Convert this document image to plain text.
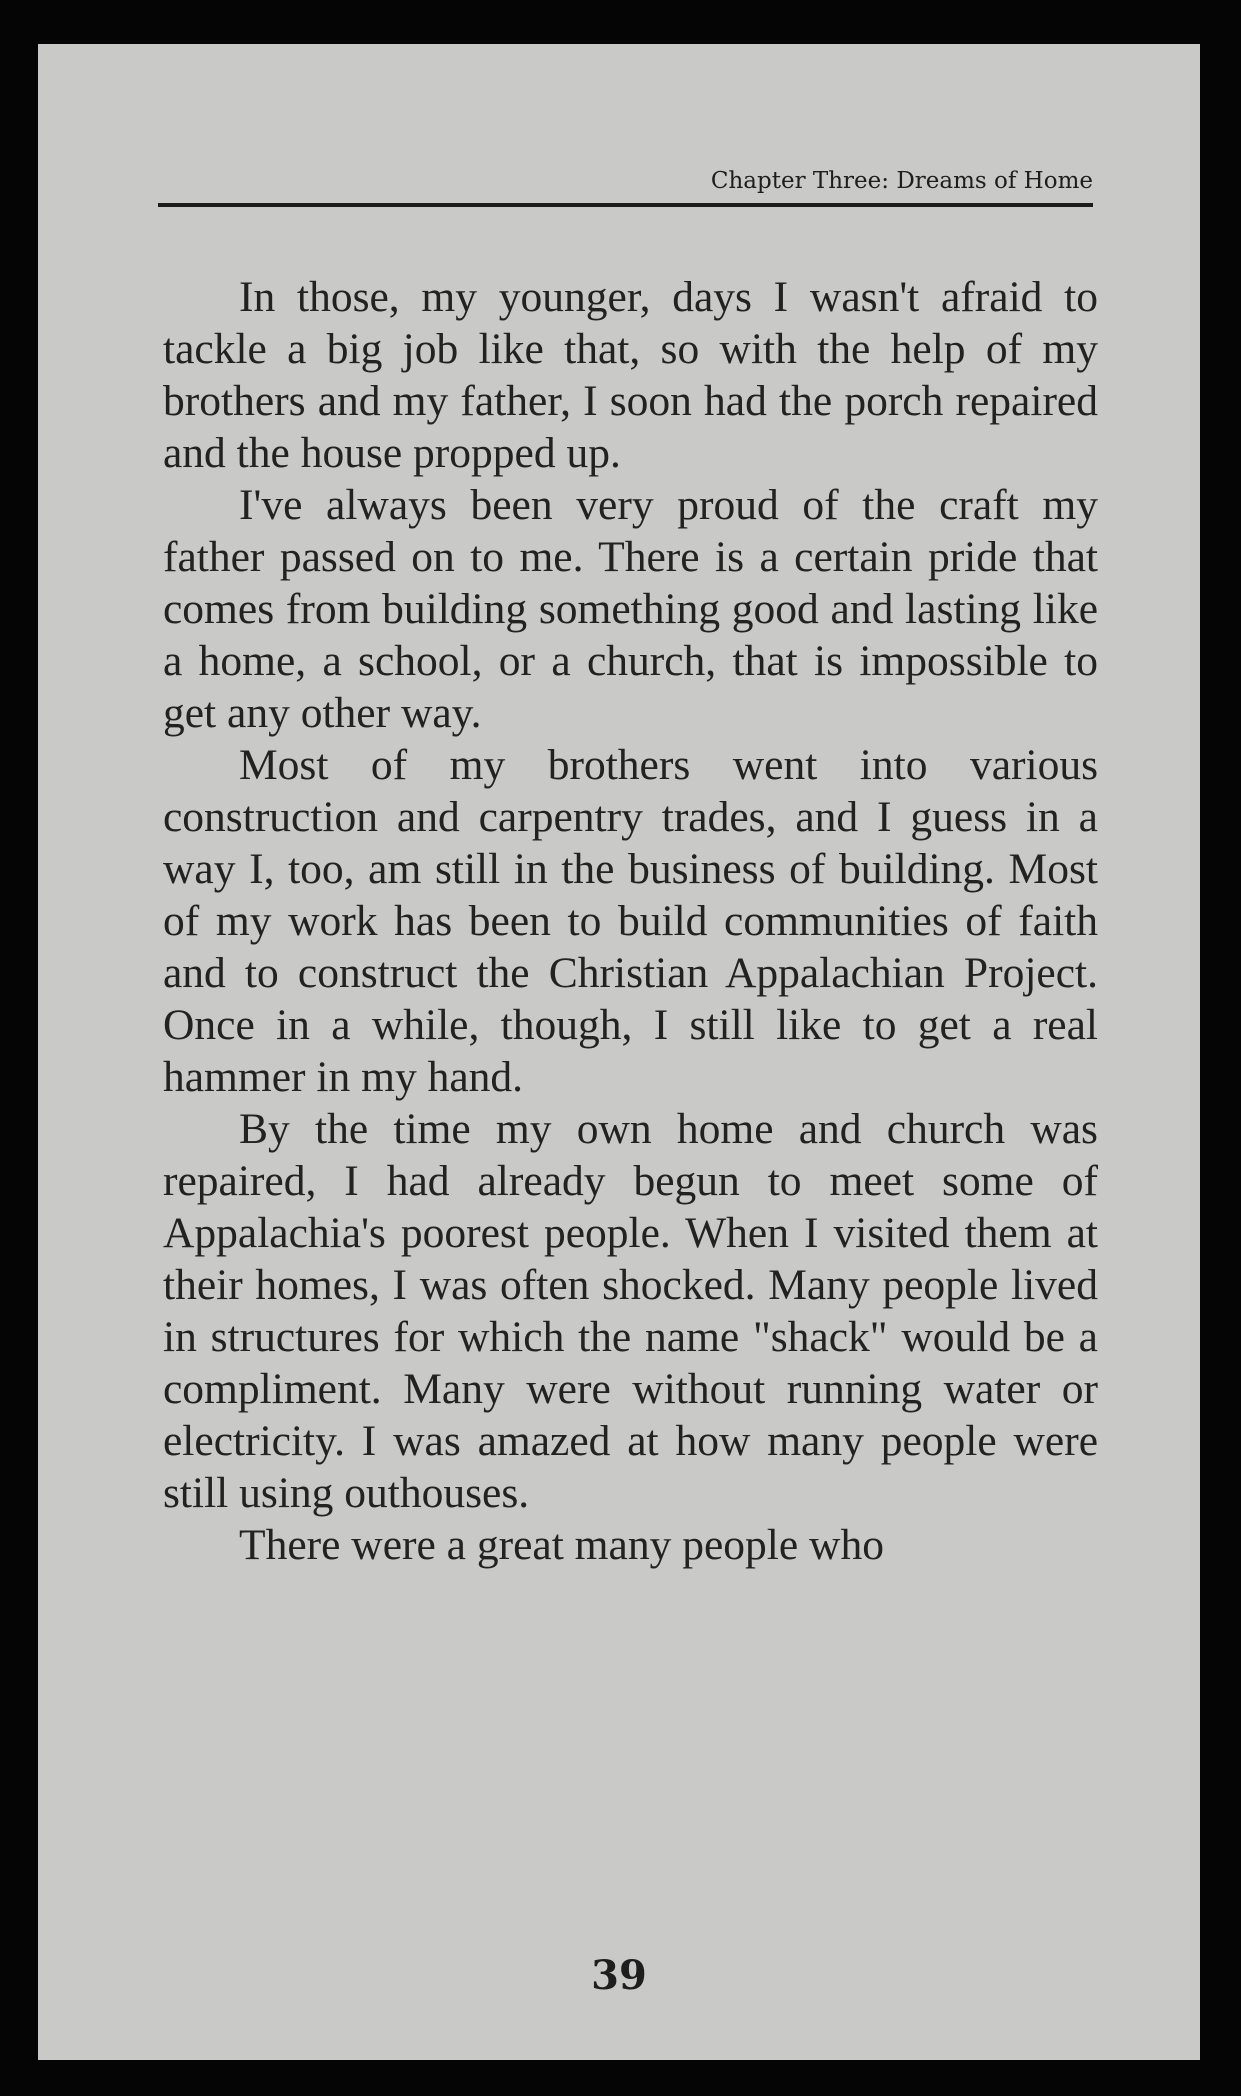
Chapter Three: Dreams of Home

In those, my younger, days I wasn't afraid to tackle a big job like that, so with the help of my brothers and my father, I soon had the porch repaired and the house propped up.

I've always been very proud of the craft my father passed on to me. There is a certain pride that comes from building something good and lasting like a home, a school, or a church, that is impossible to get any other way.

Most of my brothers went into various construction and carpentry trades, and I guess in a way I, too, am still in the business of building. Most of my work has been to build communities of faith and to construct the Christian Appalachian Project. Once in a while, though, I still like to get a real hammer in my hand.

By the time my own home and church was repaired, I had already begun to meet some of Appalachia's poorest people. When I visited them at their homes, I was often shocked. Many people lived in structures for which the name "shack" would be a compliment. Many were without running water or electricity. I was amazed at how many people were still using outhouses.

There were a great many people who

39
